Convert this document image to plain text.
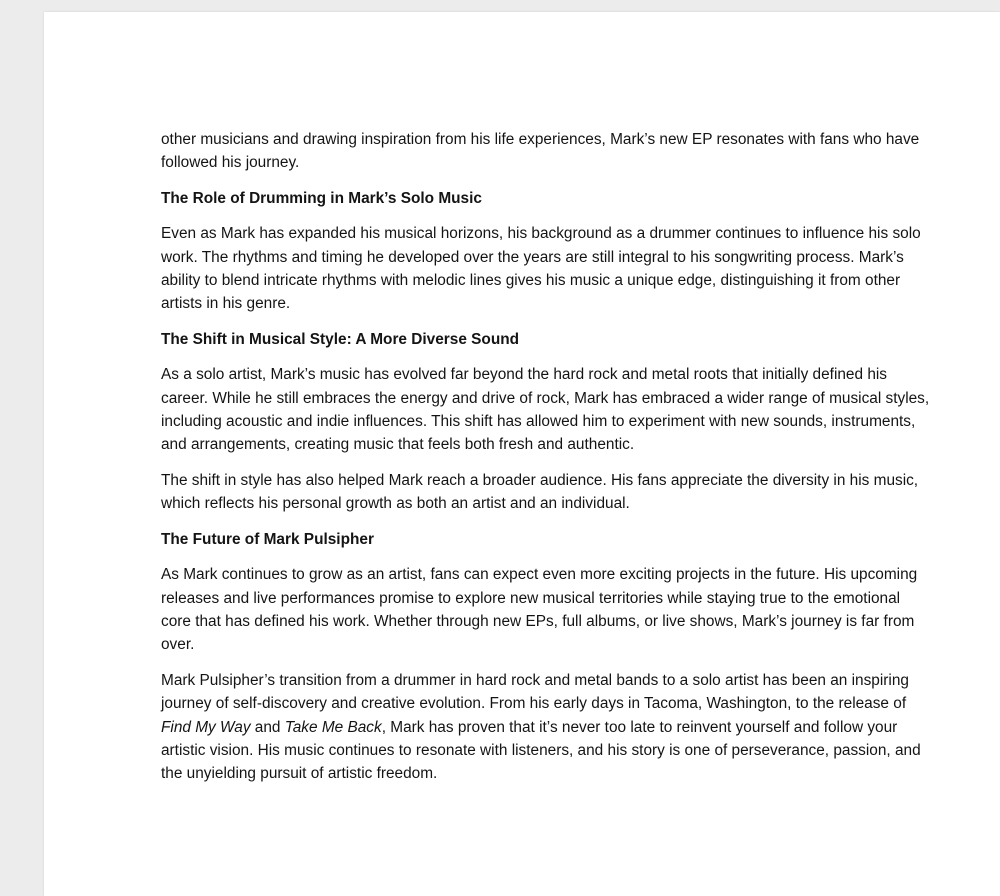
other musicians and drawing inspiration from his life experiences, Mark’s new EP resonates with fans who have followed his journey.

The Role of Drumming in Mark’s Solo Music

Even as Mark has expanded his musical horizons, his background as a drummer continues to influence his solo work. The rhythms and timing he developed over the years are still integral to his songwriting process. Mark’s ability to blend intricate rhythms with melodic lines gives his music a unique edge, distinguishing it from other artists in his genre.

The Shift in Musical Style: A More Diverse Sound

As a solo artist, Mark’s music has evolved far beyond the hard rock and metal roots that initially defined his career. While he still embraces the energy and drive of rock, Mark has embraced a wider range of musical styles, including acoustic and indie influences. This shift has allowed him to experiment with new sounds, instruments, and arrangements, creating music that feels both fresh and authentic.

The shift in style has also helped Mark reach a broader audience. His fans appreciate the diversity in his music, which reflects his personal growth as both an artist and an individual.

The Future of Mark Pulsipher

As Mark continues to grow as an artist, fans can expect even more exciting projects in the future. His upcoming releases and live performances promise to explore new musical territories while staying true to the emotional core that has defined his work. Whether through new EPs, full albums, or live shows, Mark’s journey is far from over.

Mark Pulsipher’s transition from a drummer in hard rock and metal bands to a solo artist has been an inspiring journey of self-discovery and creative evolution. From his early days in Tacoma, Washington, to the release of Find My Way and Take Me Back, Mark has proven that it’s never too late to reinvent yourself and follow your artistic vision. His music continues to resonate with listeners, and his story is one of perseverance, passion, and the unyielding pursuit of artistic freedom.
